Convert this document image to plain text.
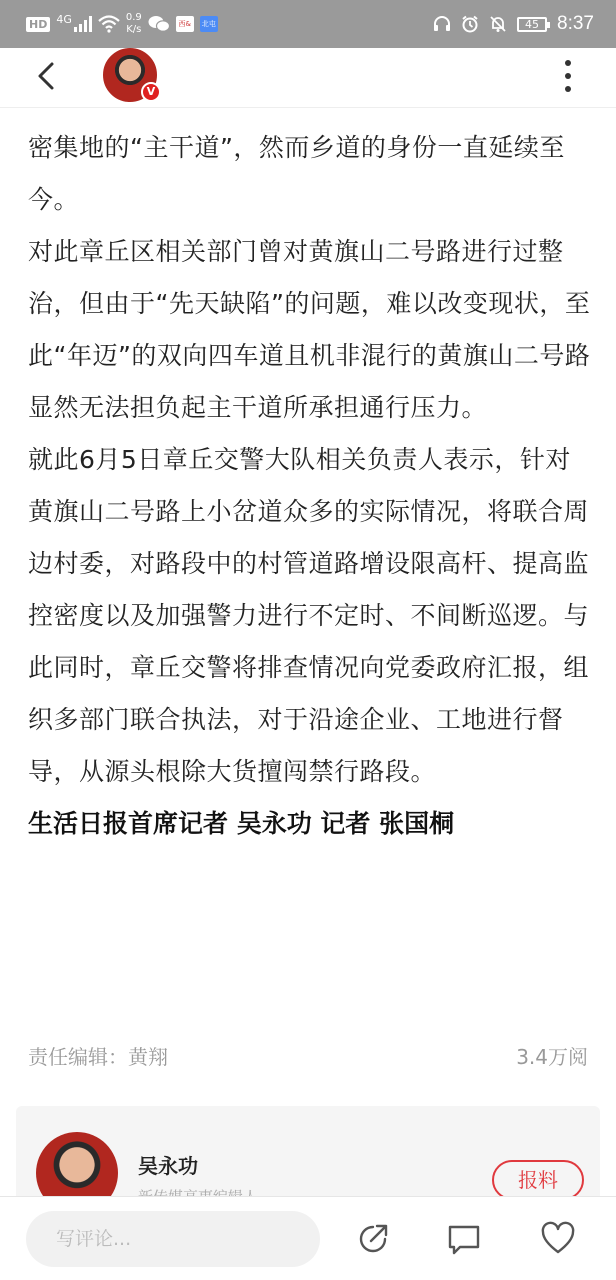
HD 4G	0.9
K/s	西&	北屯	45 8:37
V

密集地的“主干道”，然而乡道的身份一直延续至今。

对此章丘区相关部门曾对黄旗山二号路进行过整治，但由于“先天缺陷”的问题，难以改变现状，至此“年迈”的双向四车道且机非混行的黄旗山二号路显然无法担负起主干道所承担通行压力。

就此6月5日章丘交警大队相关负责人表示，针对黄旗山二号路上小岔道众多的实际情况，将联合周边村委，对路段中的村管道路增设限高杆、提高监控密度以及加强警力进行不定时、不间断巡逻。与此同时，章丘交警将排查情况向党委政府汇报，组织多部门联合执法，对于沿途企业、工地进行督导，从源头根除大货擅闯禁行路段。

生活日报首席记者 吴永功 记者 张国桐
责任编辑：黄翔	3.4万阅
吴永功
报料
写评论...
